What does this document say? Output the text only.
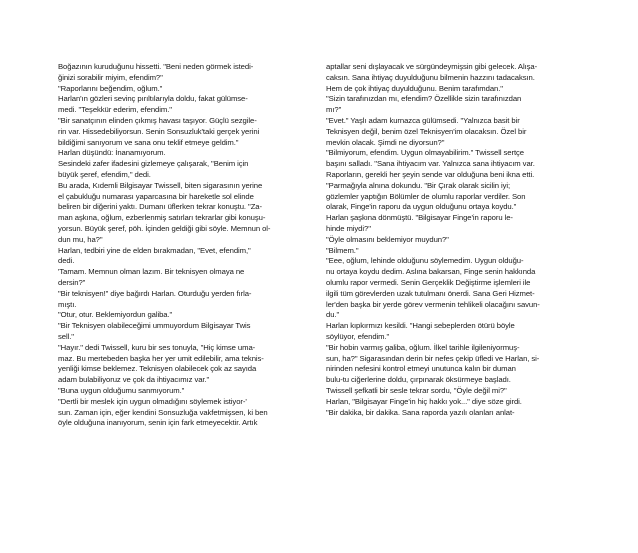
Boğazının kuruduğunu hissetti. "Beni neden görmek istedi-
ğinizi sorabilir miyim, efendim?"
"Raporlarını beğendim, oğlum."
Harlan'ın gözleri sevinç pırıltılarıyla doldu, fakat gülümse-
medi. "Teşekkür ederim, efendim."
"Bir sanatçının elinden çıkmış havası taşıyor. Güçlü sezgile-
rin var. Hissedebiliyorsun. Senin Sonsuzluk'taki gerçek yerini
bildiğimi sanıyorum ve sana onu teklif etmeye geldim."
Harlan düşündü: İnanamıyorum.
Sesindeki zafer ifadesini gizlemeye çalışarak, "Benim için
büyük şeref, efendim," dedi.
Bu arada, Kıdemli Bilgisayar Twissell, biten sigarasının yerine
el çabukluğu numarası yaparcasına bir hareketle sol elinde
beliren bir diğerini yaktı. Dumanı üflerken tekrar konuştu. "Za-
man aşkına, oğlum, ezberlenmiş satırları tekrarlar gibi konuşu-
yorsun. Büyük şeref, pöh. İçinden geldiği gibi söyle. Memnun ol-
dun mu, ha?"
Harlan, tedbiri yine de elden bırakmadan, "Evet, efendim,"
dedi.
'Tamam. Memnun olman lazım. Bir teknisyen olmaya ne
dersin?"
"Bir teknisyen!" diye bağırdı Harlan. Oturduğu yerden fırla-
mıştı.
"Otur, otur. Beklemiyordun galiba."
"Bir Teknisyen olabileceğimi ummuyordum Bilgisayar Twis
sell."
"Hayır." dedi Twissell, kuru bir ses tonuyla, "Hiç kimse uma-
maz. Bu mertebeden başka her yer umit edilebilir, ama teknis-
yenliği kimse beklemez. Teknisyen olabilecek çok az sayıda
adam bulabiliyoruz ve çok da ihtiyacımız var."
"Buna uygun olduğumu sanmıyorum."
"Dertli bir meslek için uygun olmadığını söylemek istiyor-'
sun. Zaman için, eğer kendini Sonsuzluğa vakfetmişsen, ki ben
öyle olduğuna inanıyorum, senin için fark etmeyecektir. Artık
aptallar seni dışlayacak ve sürgündeymişsin gibi gelecek. Alışa-
caksın. Sana ihtiyaç duyulduğunu bilmenin hazzını tadacaksın.
Hem de çok ihtiyaç duyulduğunu. Benim tarafımdan."
"Sizin tarafınızdan mı, efendim? Özellikle sizin tarafınızdan
mı?"
"Evet." Yaşlı adam kurnazca gülümsedi. "Yalnızca basit bir
Teknisyen değil, benim özel Teknisyen'im olacaksın. Özel bir
mevkin olacak. Şimdi ne diyorsun?"
"Bilmiyorum, efendim. Uygun olmayabilirim." Twissell sertçe
başını salladı. "Sana ihtiyacım var. Yalnızca sana ihtiyacım var.
Raporların, gerekli her şeyin sende var olduğuna beni ikna etti.
"Parmağıyla alnına dokundu. "Bir Çırak olarak sicilin iyi;
gözlemler yaptığın Bölümler de olumlu raporlar verdiler. Son
olarak, Finge'in raporu da uygun olduğunu ortaya koydu."
Harlan şaşkına dönmüştü. "Bilgisayar Finge'in raporu le-
hinde miydi?"
"Öyle olmasını beklemiyor muydun?"
"Bilmem."
"Eee, oğlum, lehinde olduğunu söylemedim. Uygun olduğu-
nu ortaya koydu dedim. Aslına bakarsan, Finge senin hakkında
olumlu rapor vermedi. Senin Gerçeklik Değiştirme işlemleri ile
ilgili tüm görevlerden uzak tutulmanı önerdi. Sana Geri Hizmet-
ler'den başka bir yerde görev vermenin tehlikeli olacağını savun-
du."
Harlan kıpkırmızı kesildi. "Hangi sebeplerden ötürü böyle
söylüyor, efendim."
"Bir hobin varmış galiba, oğlum. İlkel tarihle ilgileniyormuş-
sun, ha?" Sigarasından derin bir nefes çekip üfledi ve Harlan, si-
nirinden nefesini kontrol etmeyi unutunca kalın bir duman
bulu-tu ciğerlerine doldu, çırpınarak öksürmeye başladı.
Twissell şefkatli bir sesle tekrar sordu, "Öyle değil mi?"
Harlan, "Bilgisayar Finge'in hiç hakkı yok..." diye söze girdi.
"Bir dakika, bir dakika. Sana raporda yazılı olanları anlat-
